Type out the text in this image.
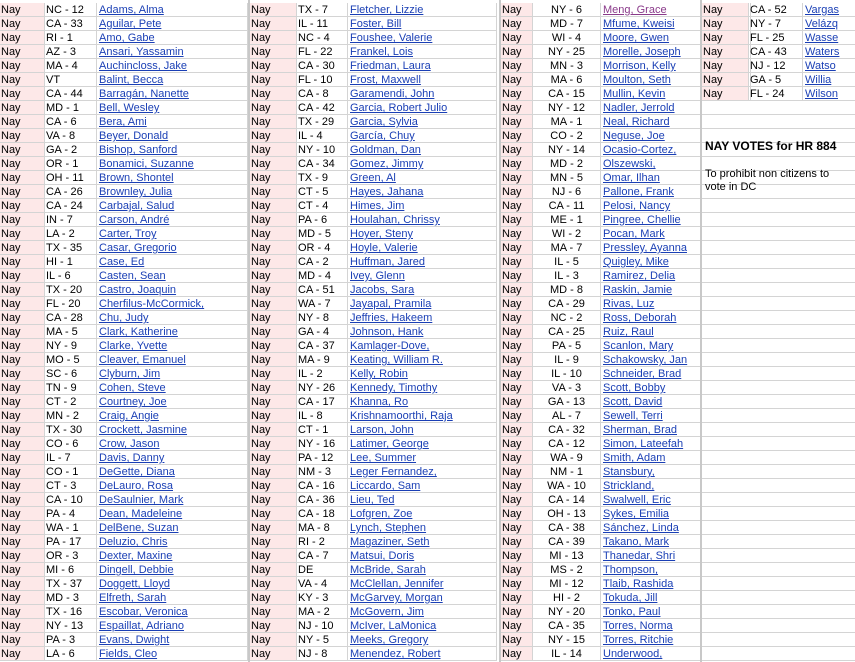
Nay	NC - 12	Adams, Alma
Nay	CA - 33	Aguilar, Pete
Nay	RI - 1	Amo, Gabe
Nay	AZ - 3	Ansari, Yassamin
Nay	MA - 4	Auchincloss, Jake
Nay	VT	Balint, Becca
Nay	CA - 44	Barragán, Nanette
Nay	MD - 1	Bell, Wesley
Nay	CA - 6	Bera, Ami
Nay	VA - 8	Beyer, Donald
Nay	GA - 2	Bishop, Sanford
Nay	OR - 1	Bonamici, Suzanne
Nay	OH - 11	Brown, Shontel
Nay	CA - 26	Brownley, Julia
Nay	CA - 24	Carbajal, Salud
Nay	IN - 7	Carson, André
Nay	LA - 2	Carter, Troy
Nay	TX - 35	Casar, Gregorio
Nay	HI - 1	Case, Ed
Nay	IL - 6	Casten, Sean
Nay	TX - 20	Castro, Joaquin
Nay	FL - 20	Cherfilus-McCormick,
Nay	CA - 28	Chu, Judy
Nay	MA - 5	Clark, Katherine
Nay	NY - 9	Clarke, Yvette
Nay	MO - 5	Cleaver, Emanuel
Nay	SC - 6	Clyburn, Jim
Nay	TN - 9	Cohen, Steve
Nay	CT - 2	Courtney, Joe
Nay	MN - 2	Craig, Angie
Nay	TX - 30	Crockett, Jasmine
Nay	CO - 6	Crow, Jason
Nay	IL - 7	Davis, Danny
Nay	CO - 1	DeGette, Diana
Nay	CT - 3	DeLauro, Rosa
Nay	CA - 10	DeSaulnier, Mark
Nay	PA - 4	Dean, Madeleine
Nay	WA - 1	DelBene, Suzan
Nay	PA - 17	Deluzio, Chris
Nay	OR - 3	Dexter, Maxine
Nay	MI - 6	Dingell, Debbie
Nay	TX - 37	Doggett, Lloyd
Nay	MD - 3	Elfreth, Sarah
Nay	TX - 16	Escobar, Veronica
Nay	NY - 13	Espaillat, Adriano
Nay	PA - 3	Evans, Dwight
Nay	LA - 6	Fields, Cleo
Nay	TX - 7	Fletcher, Lizzie
Nay	IL - 11	Foster, Bill
Nay	NC - 4	Foushee, Valerie
Nay	FL - 22	Frankel, Lois
Nay	CA - 30	Friedman, Laura
Nay	FL - 10	Frost, Maxwell
Nay	CA - 8	Garamendi, John
Nay	CA - 42	Garcia, Robert Julio
Nay	TX - 29	Garcia, Sylvia
Nay	IL - 4	García, Chuy
Nay	NY - 10	Goldman, Dan
Nay	CA - 34	Gomez, Jimmy
Nay	TX - 9	Green, Al
Nay	CT - 5	Hayes, Jahana
Nay	CT - 4	Himes, Jim
Nay	PA - 6	Houlahan, Chrissy
Nay	MD - 5	Hoyer, Steny
Nay	OR - 4	Hoyle, Valerie
Nay	CA - 2	Huffman, Jared
Nay	MD - 4	Ivey, Glenn
Nay	CA - 51	Jacobs, Sara
Nay	WA - 7	Jayapal, Pramila
Nay	NY - 8	Jeffries, Hakeem
Nay	GA - 4	Johnson, Hank
Nay	CA - 37	Kamlager-Dove,
Nay	MA - 9	Keating, William R.
Nay	IL - 2	Kelly, Robin
Nay	NY - 26	Kennedy, Timothy
Nay	CA - 17	Khanna, Ro
Nay	IL - 8	Krishnamoorthi, Raja
Nay	CT - 1	Larson, John
Nay	NY - 16	Latimer, George
Nay	PA - 12	Lee, Summer
Nay	NM - 3	Leger Fernandez,
Nay	CA - 16	Liccardo, Sam
Nay	CA - 36	Lieu, Ted
Nay	CA - 18	Lofgren, Zoe
Nay	MA - 8	Lynch, Stephen
Nay	RI - 2	Magaziner, Seth
Nay	CA - 7	Matsui, Doris
Nay	DE	McBride, Sarah
Nay	VA - 4	McClellan, Jennifer
Nay	KY - 3	McGarvey, Morgan
Nay	MA - 2	McGovern, Jim
Nay	NJ - 10	McIver, LaMonica
Nay	NY - 5	Meeks, Gregory
Nay	NJ - 8	Menendez, Robert
Nay	NY - 6	Meng, Grace
Nay	MD - 7	Mfume, Kweisi
Nay	WI - 4	Moore, Gwen
Nay	NY - 25	Morelle, Joseph
Nay	MN - 3	Morrison, Kelly
Nay	MA - 6	Moulton, Seth
Nay	CA - 15	Mullin, Kevin
Nay	NY - 12	Nadler, Jerrold
Nay	MA - 1	Neal, Richard
Nay	CO - 2	Neguse, Joe
Nay	NY - 14	Ocasio-Cortez,
Nay	MD - 2	Olszewski,
Nay	MN - 5	Omar, Ilhan
Nay	NJ - 6	Pallone, Frank
Nay	CA - 11	Pelosi, Nancy
Nay	ME - 1	Pingree, Chellie
Nay	WI - 2	Pocan, Mark
Nay	MA - 7	Pressley, Ayanna
Nay	IL - 5	Quigley, Mike
Nay	IL - 3	Ramirez, Delia
Nay	MD - 8	Raskin, Jamie
Nay	CA - 29	Rivas, Luz
Nay	NC - 2	Ross, Deborah
Nay	CA - 25	Ruiz, Raul
Nay	PA - 5	Scanlon, Mary
Nay	IL - 9	Schakowsky, Jan
Nay	IL - 10	Schneider, Brad
Nay	VA - 3	Scott, Bobby
Nay	GA - 13	Scott, David
Nay	AL - 7	Sewell, Terri
Nay	CA - 32	Sherman, Brad
Nay	CA - 12	Simon, Lateefah
Nay	WA - 9	Smith, Adam
Nay	NM - 1	Stansbury,
Nay	WA - 10	Strickland,
Nay	CA - 14	Swalwell, Eric
Nay	OH - 13	Sykes, Emilia
Nay	CA - 38	Sánchez, Linda
Nay	CA - 39	Takano, Mark
Nay	MI - 13	Thanedar, Shri
Nay	MS - 2	Thompson,
Nay	MI - 12	Tlaib, Rashida
Nay	HI - 2	Tokuda, Jill
Nay	NY - 20	Tonko, Paul
Nay	CA - 35	Torres, Norma
Nay	NY - 15	Torres, Ritchie
Nay	IL - 14	Underwood,
Nay	CA - 52	Vargas
Nay	NY - 7	Velázq
Nay	FL - 25	Wasse
Nay	CA - 43	Waters
Nay	NJ - 12	Watso
Nay	GA - 5	Willia
Nay	FL - 24	Wilson
NAY VOTES for HR 884
To prohibit non citizens to vote in DC
